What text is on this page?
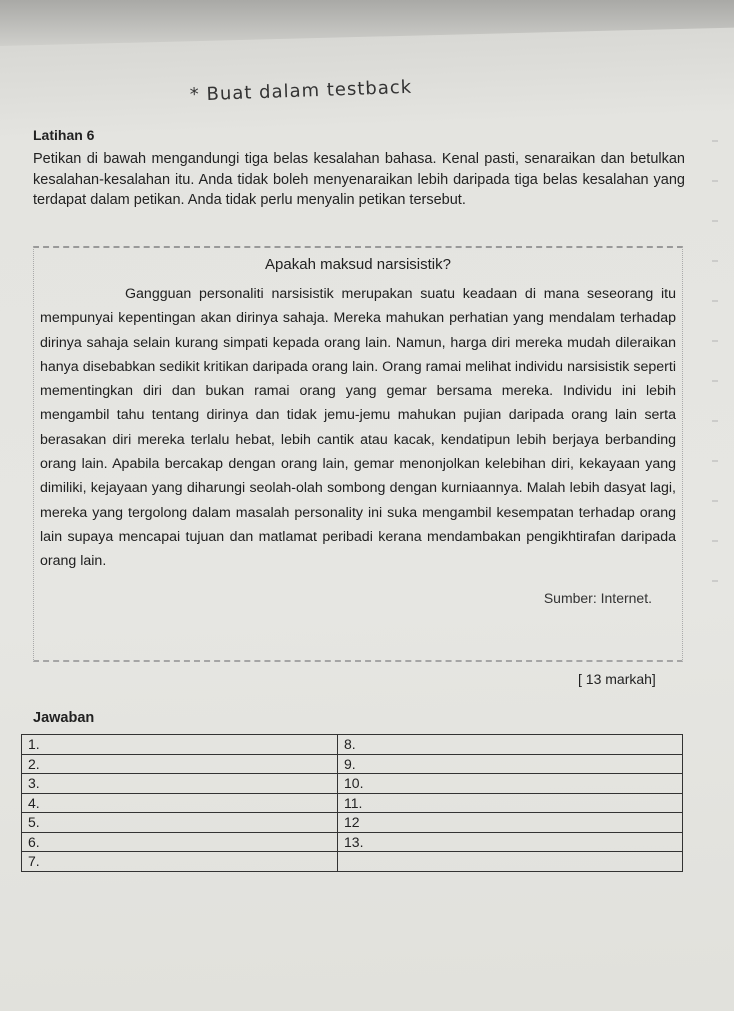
* Buat dalam testback
Latihan 6
Petikan di bawah mengandungi tiga belas kesalahan bahasa. Kenal pasti, senaraikan dan betulkan kesalahan-kesalahan itu. Anda tidak boleh menyenaraikan lebih daripada tiga belas kesalahan yang terdapat dalam petikan. Anda tidak perlu menyalin petikan tersebut.
Apakah maksud narsisistik?
Gangguan personaliti narsisistik merupakan suatu keadaan di mana seseorang itu mempunyai kepentingan akan dirinya sahaja. Mereka mahukan perhatian yang mendalam terhadap dirinya sahaja selain kurang simpati kepada orang lain. Namun, harga diri mereka mudah dileraikan hanya disebabkan sedikit kritikan daripada orang lain. Orang ramai melihat individu narsisistik seperti mementingkan diri dan bukan ramai orang yang gemar bersama mereka. Individu ini lebih mengambil tahu tentang dirinya dan tidak jemu-jemu mahukan pujian daripada orang lain serta berasakan diri mereka terlalu hebat, lebih cantik atau kacak, kendatipun lebih berjaya berbanding orang lain. Apabila bercakap dengan orang lain, gemar menonjolkan kelebihan diri, kekayaan yang dimiliki, kejayaan yang diharungi seolah-olah sombong dengan kurniaannya. Malah lebih dasyat lagi, mereka yang tergolong dalam masalah personality ini suka mengambil kesempatan terhadap orang lain supaya mencapai tujuan dan matlamat peribadi kerana mendambakan pengikhtirafan daripada orang lain.
Sumber: Internet.
[ 13 markah]
Jawaban
1.	8.
2.	9.
3.	10.
4.	11.
5.	12
6.	13.
7.	
